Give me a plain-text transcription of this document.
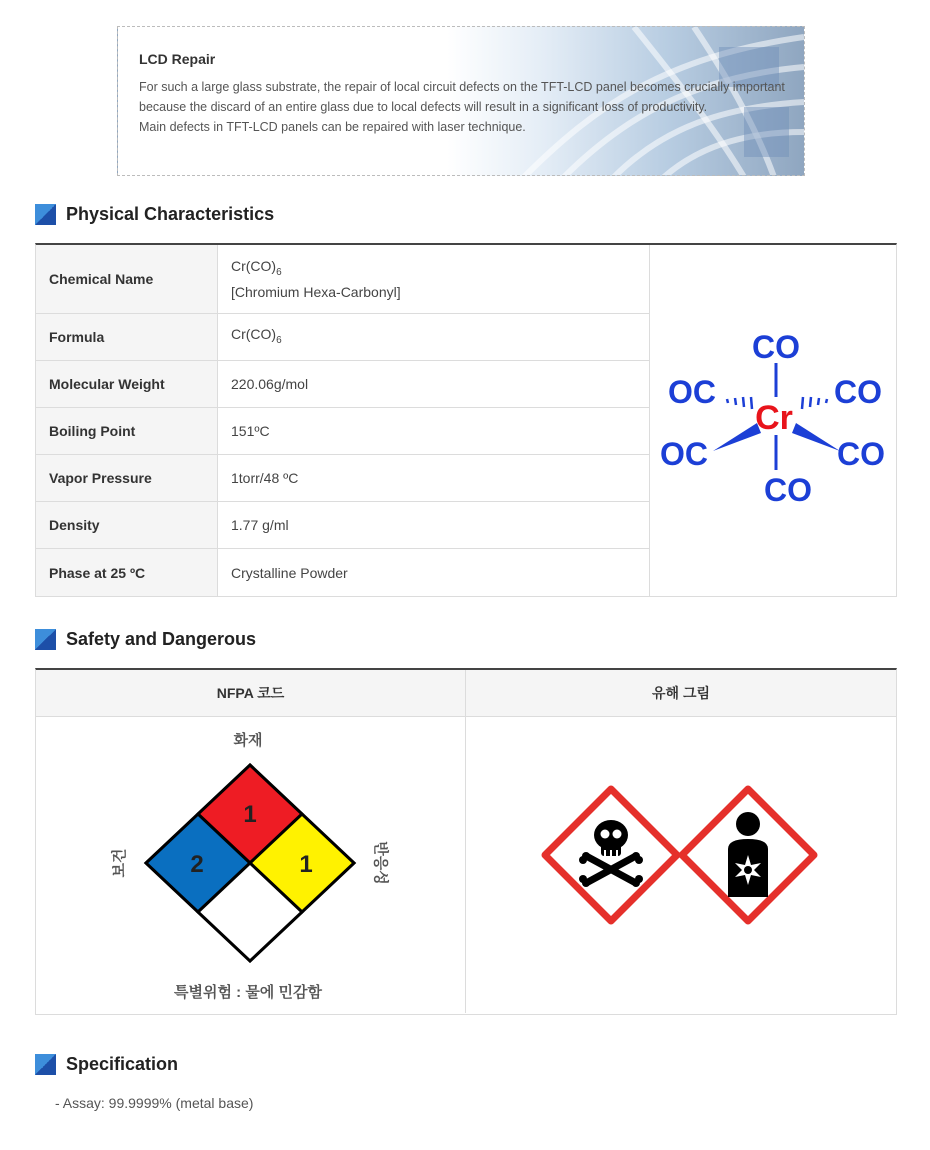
LCD Repair

For such a large glass substrate, the repair of local circuit defects on the TFT-LCD panel becomes crucially important because the discard of an entire glass due to local defects will result in a significant loss of productivity.

Main defects in TFT-LCD panels can be repaired with laser technique.

Physical Characteristics
Chemical Name
$Cr(CO)_6$
[Chromium Hexa-Carbonyl]
Formula	$Cr(CO)_6$
Molecular Weight	220.06g/mol
Boiling Point	151ºC
Vapor Pressure	1torr/48 ºC
Density	1.77 g/ml
Phase at 25 ºC	Crystalline Powder
CO
OC	CO
Cr
OC	CO
CO
Safety and Dangerous
NFPA 코드	유해 그림
1
2	1
화재
보건	반응성
특별위험 : 물에 민감함
Specification
- Assay: 99.9999% (metal base)
